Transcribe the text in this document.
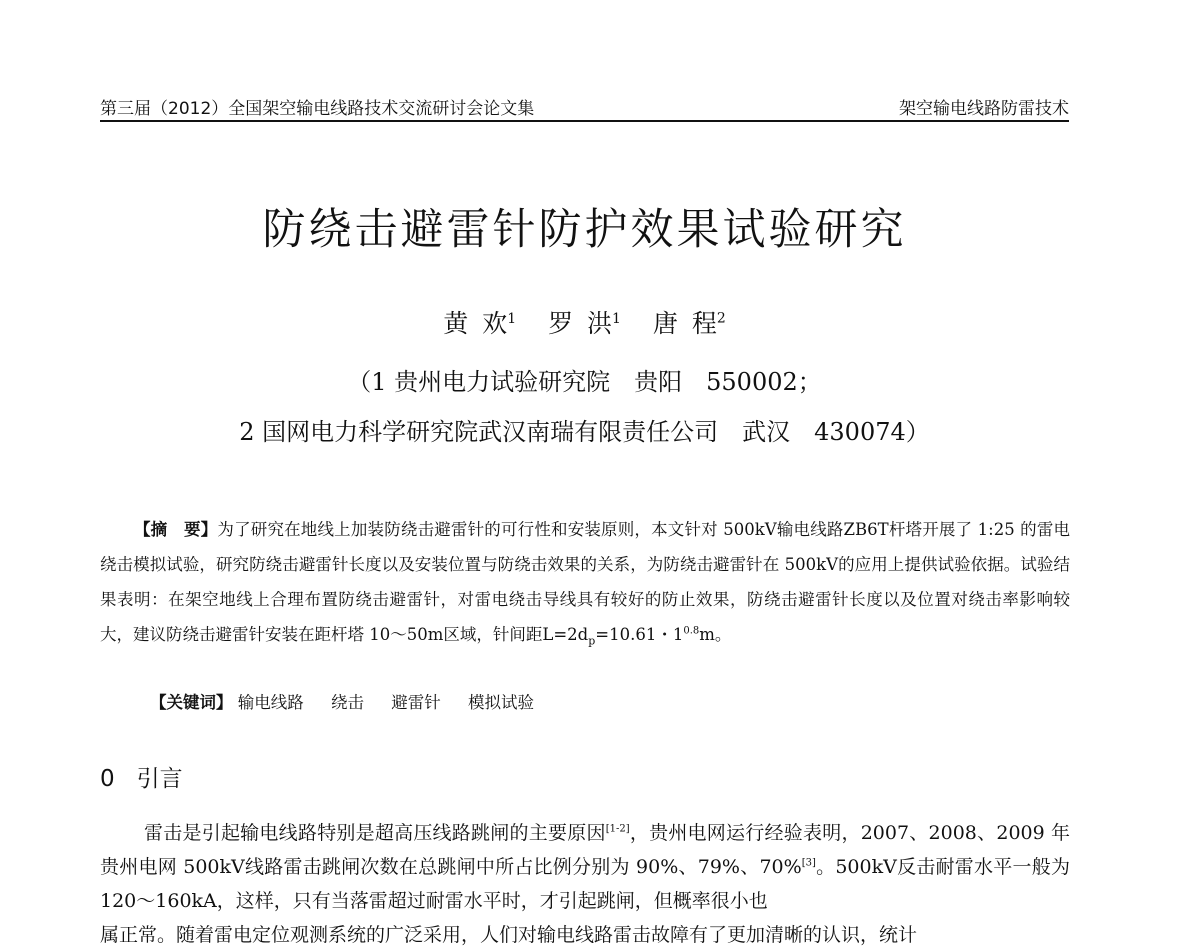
第三届（2012）全国架空输电线路技术交流研讨会论文集	架空输电线路防雷技术
防绕击避雷针防护效果试验研究
黄 欢$^1$ 罗 洪$^1$ 唐 程$^2$
（1 贵州电力试验研究院　贵阳　550002；
2 国网电力科学研究院武汉南瑞有限责任公司　武汉　430074）
【摘　要】为了研究在地线上加装防绕击避雷针的可行性和安装原则，本文针对 500kV输电线路ZB6T杆塔开展了 1:25 的雷电绕击模拟试验，研究防绕击避雷针长度以及安装位置与防绕击效果的关系，为防绕击避雷针在 500kV的应用上提供试验依据。试验结果表明：在架空地线上合理布置防绕击避雷针，对雷电绕击导线具有较好的防止效果，防绕击避雷针长度以及位置对绕击率影响较大，建议防绕击避雷针安装在距杆塔 10～50m区域，针间距$L=2d_p=10.61$・$1^{0.8}m$。
【关键词】 输电线路 绕击 避雷针 模拟试验
0 引言
雷击是引起输电线路特别是超高压线路跳闸的主要原因[1-2]，贵州电网运行经验表明，2007、2008、2009 年贵州电网 500kV线路雷击跳闸次数在总跳闸中所占比例分别为 90%、79%、70%[3]。500kV反击耐雷水平一般为 120～160kA，这样，只有当落雷超过耐雷水平时，才引起跳闸，但概率很小也
属正常。随着雷电定位观测系统的广泛采用，人们对输电线路雷击故障有了更加清晰的认识，统计
